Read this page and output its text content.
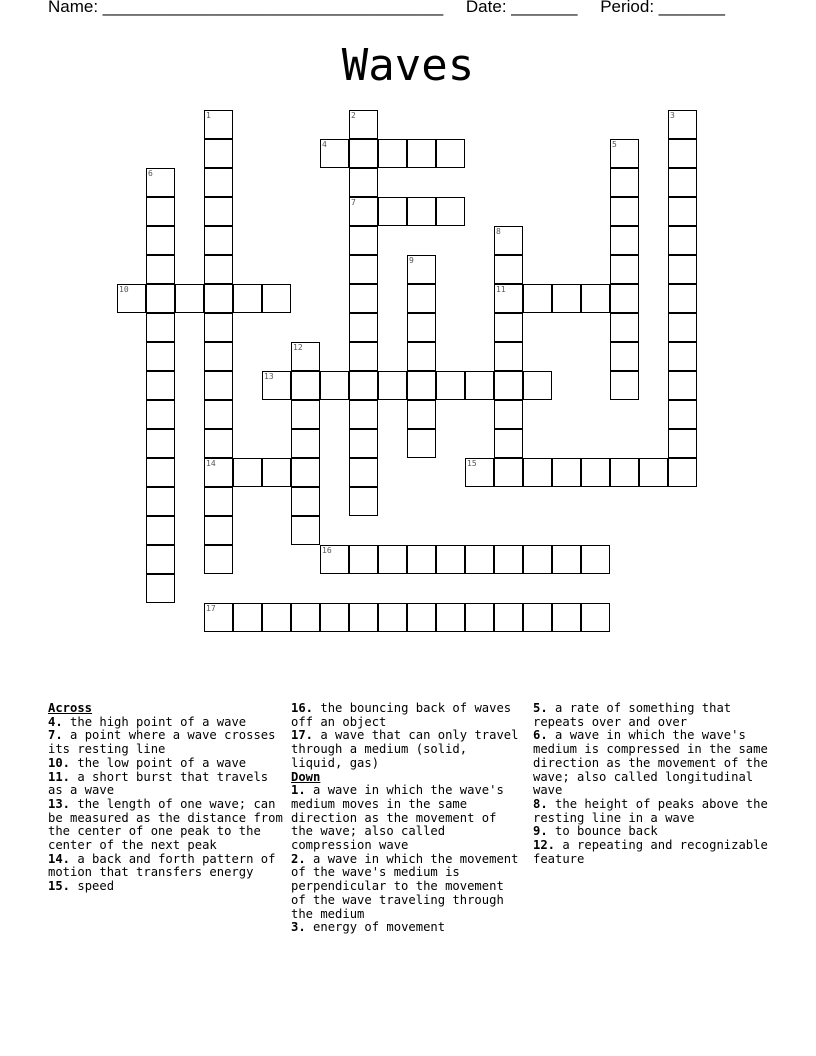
Name: ____________________________________ Date: _______ Period: _______
Waves
1	2	3
4	5
6
7
8
9
10	11
12
13
14	15
16
17
Across
4. the high point of a wave
7. a point where a wave crosses its resting line
10. the low point of a wave
11. a short burst that travels as a wave
13. the length of one wave; can be measured as the distance from the center of one peak to the center of the next peak
14. a back and forth pattern of motion that transfers energy
15. speed
16. the bouncing back of waves off an object
17. a wave that can only travel through a medium (solid, liquid, gas)
Down
1. a wave in which the wave's medium moves in the same direction as the movement of the wave; also called compression wave
2. a wave in which the movement of the wave's medium is perpendicular to the movement of the wave traveling through the medium
3. energy of movement
5. a rate of something that repeats over and over
6. a wave in which the wave's medium is compressed in the same direction as the movement of the wave; also called longitudinal wave
8. the height of peaks above the resting line in a wave
9. to bounce back
12. a repeating and recognizable feature
